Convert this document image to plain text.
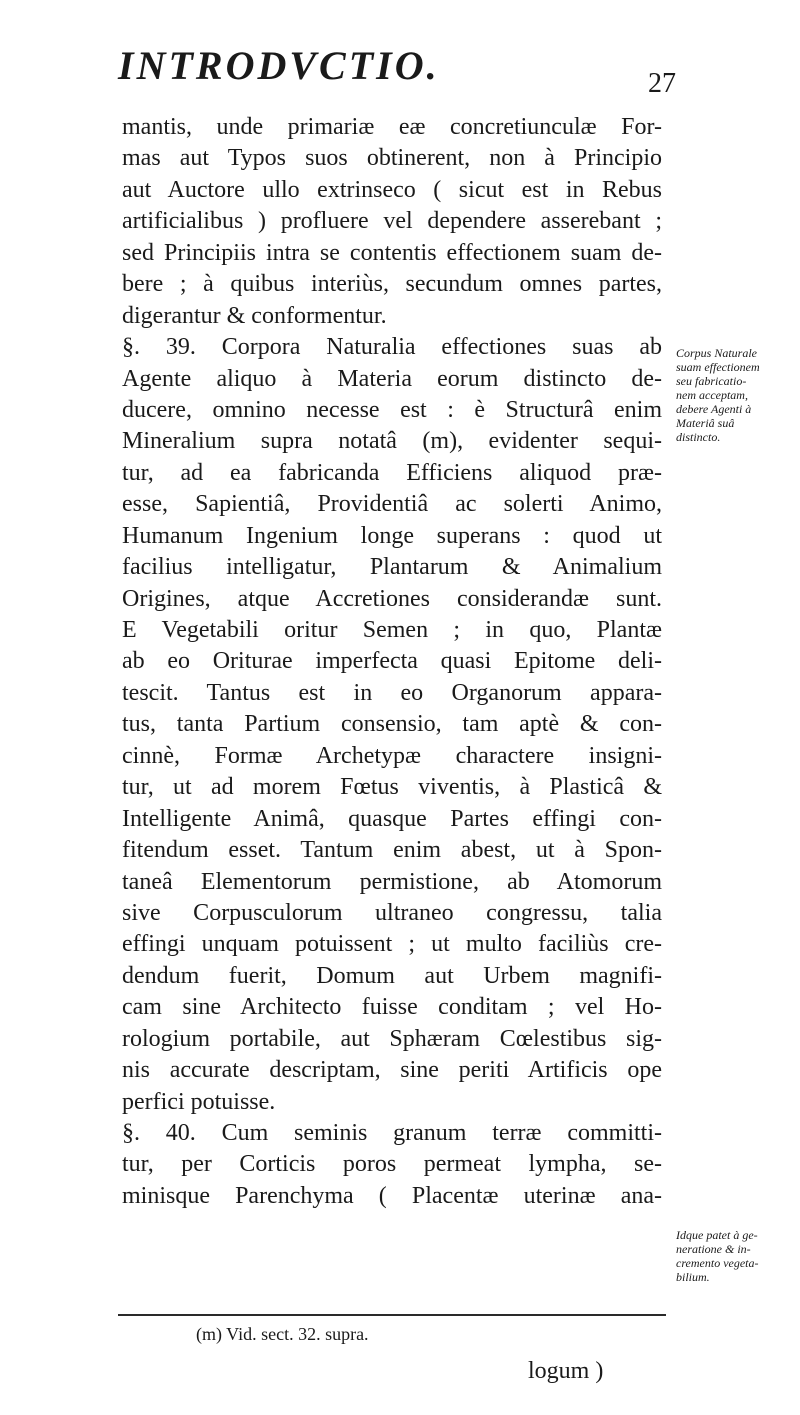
INTRODVCTIO.	27
mantis, unde primariæ eæ concretiunculæ For-
mas aut Typos suos obtinerent, non à Principio
aut Auctore ullo extrinseco ( sicut est in Rebus
artificialibus ) profluere vel dependere asserebant ;
sed Principiis intra se contentis effectionem suam de-
bere ; à quibus interiùs, secundum omnes partes,
digerantur & conformentur.
§. 39. Corpora Naturalia effectiones suas ab
Agente aliquo à Materia eorum distincto de-
ducere, omnino necesse est : è Structurâ enim
Mineralium supra notatâ (m), evidenter sequi-
tur, ad ea fabricanda Efficiens aliquod præ-
esse, Sapientiâ, Providentiâ ac solerti Animo,
Humanum Ingenium longe superans : quod ut
facilius intelligatur, Plantarum & Animalium
Origines, atque Accretiones considerandæ sunt.
E Vegetabili oritur Semen ; in quo, Plantæ
ab eo Oriturae imperfecta quasi Epitome deli-
tescit. Tantus est in eo Organorum appara-
tus, tanta Partium consensio, tam aptè & con-
cinnè, Formæ Archetypæ charactere insigni-
tur, ut ad morem Fœtus viventis, à Plasticâ &
Intelligente Animâ, quasque Partes effingi con-
fitendum esset. Tantum enim abest, ut à Spon-
taneâ Elementorum permistione, ab Atomorum
sive Corpusculorum ultraneo congressu, talia
effingi unquam potuissent ; ut multo faciliùs cre-
dendum fuerit, Domum aut Urbem magnifi-
cam sine Architecto fuisse conditam ; vel Ho-
rologium portabile, aut Sphæram Cœlestibus sig-
nis accurate descriptam, sine periti Artificis ope
perfici potuisse.
§. 40. Cum seminis granum terræ committi-
tur, per Corticis poros permeat lympha, se-
minisque Parenchyma ( Placentæ uterinæ ana-
Corpus Naturale
suam effectionem
seu fabricatio-
nem acceptam,
debere Agenti à
Materiâ suâ
distincto.
Idque patet à ge-
neratione & in-
cremento vegeta-
bilium.
(m) Vid. sect. 32. supra.
logum )
